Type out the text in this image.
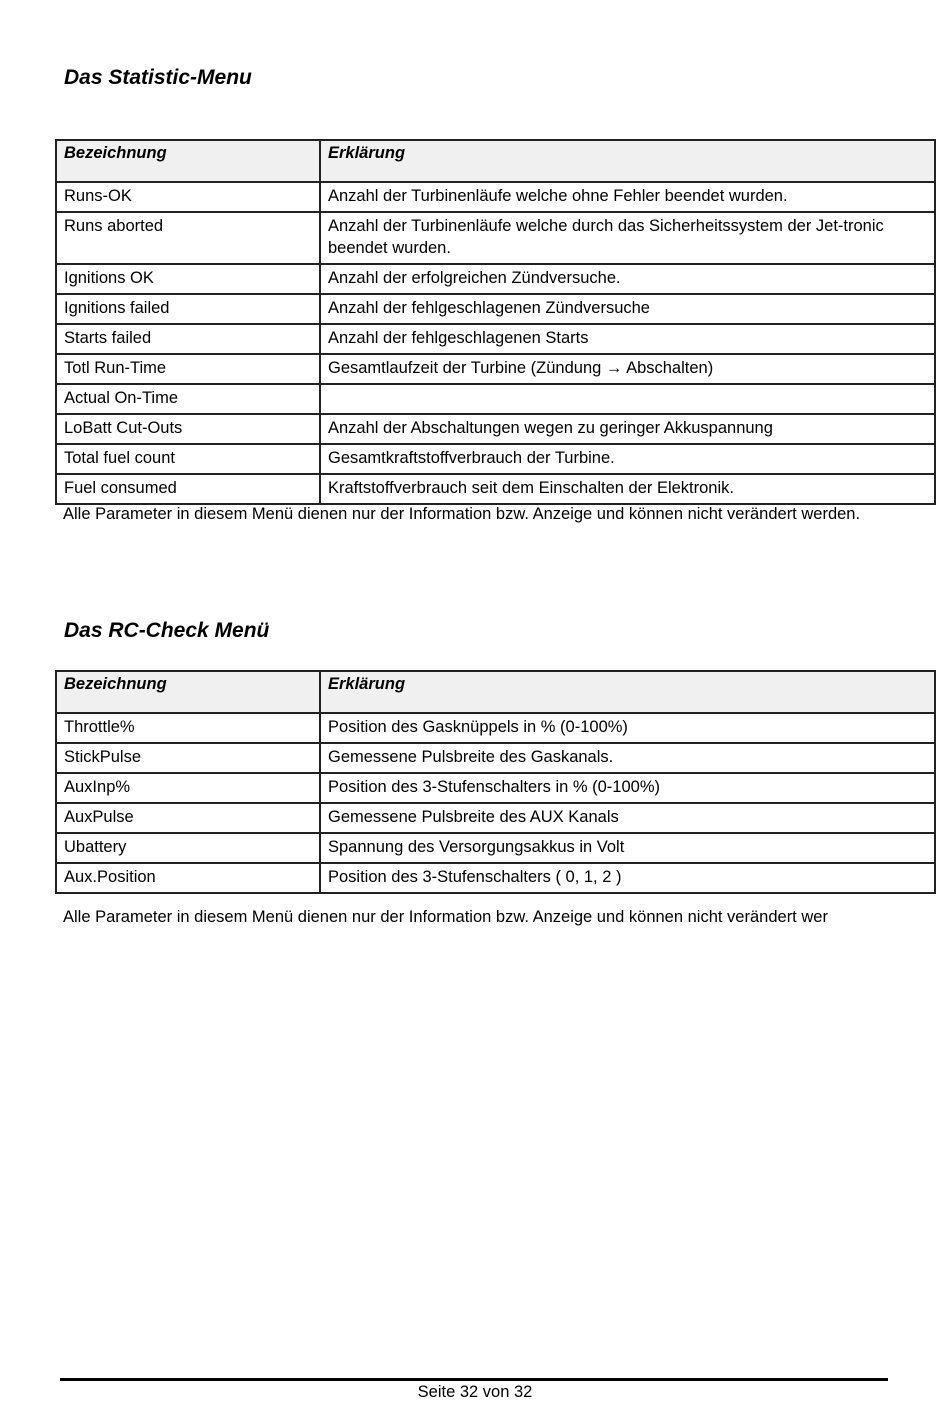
Das Statistic-Menu
Bezeichnung	Erklärung
Runs-OK	Anzahl der Turbinenläufe welche ohne Fehler beendet wurden.
Runs aborted	Anzahl der Turbinenläufe welche durch das Sicherheitssystem der Jet-tronic beendet wurden.
Ignitions OK	Anzahl der erfolgreichen Zündversuche.
Ignitions failed	Anzahl der fehlgeschlagenen Zündversuche
Starts failed	Anzahl der fehlgeschlagenen Starts
Totl Run-Time	Gesamtlaufzeit der Turbine (Zündung → Abschalten)
Actual On-Time	
LoBatt Cut-Outs	Anzahl der Abschaltungen wegen zu geringer Akkuspannung
Total fuel count	Gesamtkraftstoffverbrauch der Turbine.
Fuel consumed	Kraftstoffverbrauch seit dem Einschalten der Elektronik.

Alle Parameter in diesem Menü dienen nur der Information bzw. Anzeige und können nicht verändert werden.

Das RC-Check Menü
Bezeichnung	Erklärung
Throttle%	Position des Gasknüppels in % (0-100%)
StickPulse	Gemessene Pulsbreite des Gaskanals.
AuxInp%	Position des 3-Stufenschalters in % (0-100%)
AuxPulse	Gemessene Pulsbreite des AUX Kanals
Ubattery	Spannung des Versorgungsakkus in Volt
Aux.Position	Position des 3-Stufenschalters ( 0, 1, 2 )

Alle Parameter in diesem Menü dienen nur der Information bzw. Anzeige und können nicht verändert wer

Seite 32 von 32
